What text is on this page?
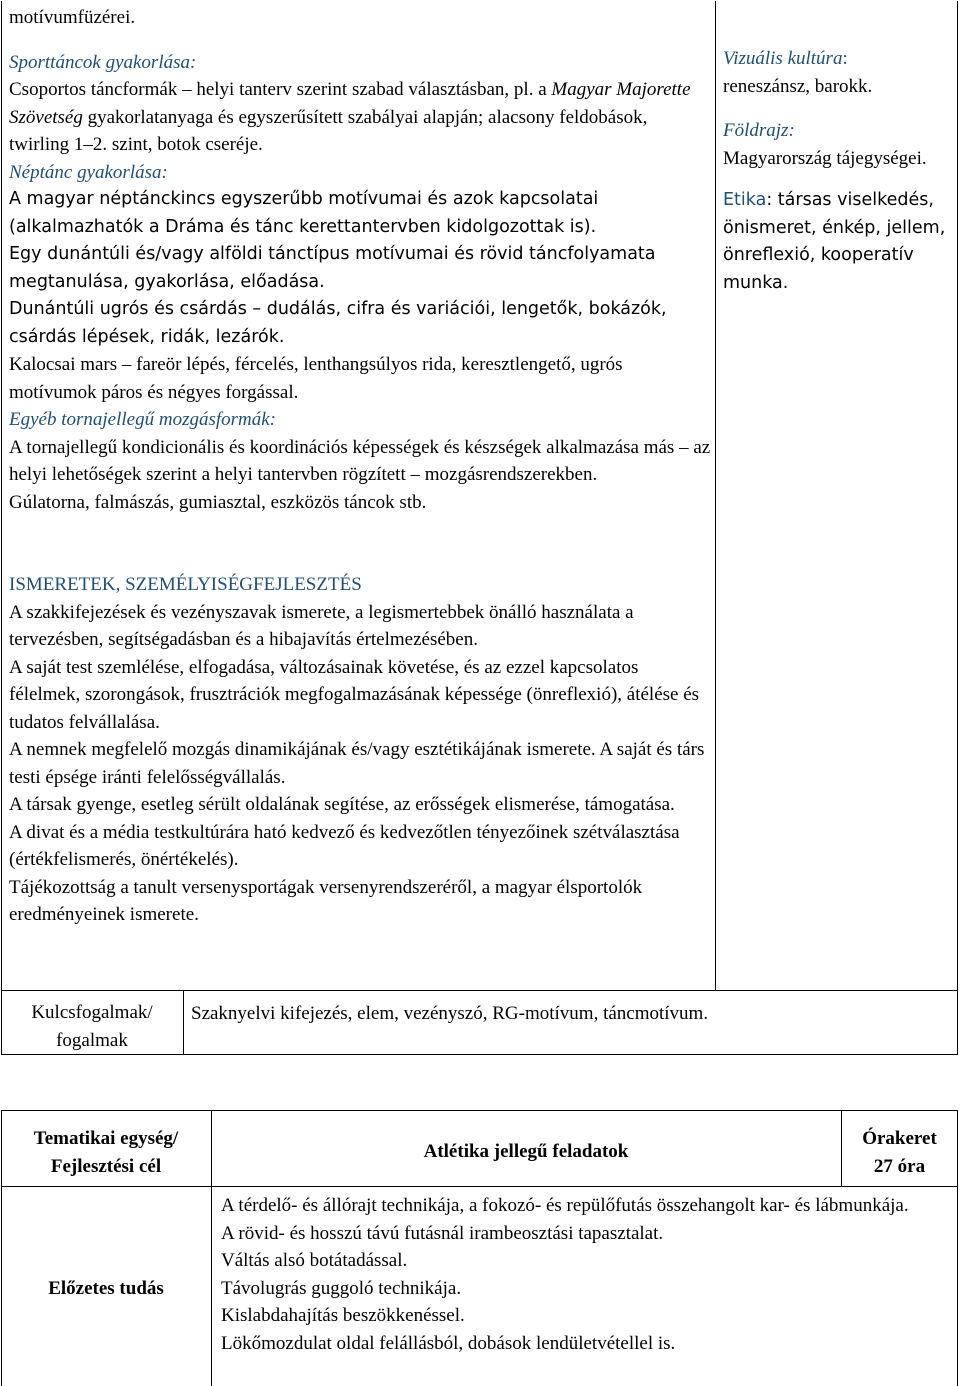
motívumfüzérei.

Sporttáncok gyakorlása:

Csoportos táncformák – helyi tanterv szerint szabad választásban, pl. a Magyar Majorette Szövetség gyakorlatanyaga és egyszerűsített szabályai alapján; alacsony feldobások, twirling 1–2. szint, botok cseréje.

Néptánc gyakorlása:

A magyar néptánckincs egyszerűbb motívumai és azok kapcsolatai (alkalmazhatók a Dráma és tánc kerettantervben kidolgozottak is).

Egy dunántúli és/vagy alföldi tánctípus motívumai és rövid táncfolyamata megtanulása, gyakorlása, előadása.

Dunántúli ugrós és csárdás – dudálás, cifra és variációi, lengetők, bokázók, csárdás lépések, ridák, lezárók.

Kalocsai mars – fareör lépés, fércelés, lenthangsúlyos rida, keresztlengető, ugrós motívumok páros és négyes forgással.

Egyéb tornajellegű mozgásformák:

A tornajellegű kondicionális és koordinációs képességek és készségek alkalmazása más – az helyi lehetőségek szerint a helyi tantervben rögzített – mozgásrendszerekben.

Gúlatorna, falmászás, gumiasztal, eszközös táncok stb.

Vizuális kultúra:
reneszánsz, barokk.

Földrajz:
Magyarország tájegységei.

Etika: társas viselkedés, önismeret, énkép, jellem, önreflexió, kooperatív munka.

ISMERETEK, SZEMÉLYISÉGFEJLESZTÉS

A szakkifejezések és vezényszavak ismerete, a legismertebbek önálló használata a tervezésben, segítségadásban és a hibajavítás értelmezésében.

A saját test szemlélése, elfogadása, változásainak követése, és az ezzel kapcsolatos félelmek, szorongások, frusztrációk megfogalmazásának képessége (önreflexió), átélése és tudatos felvállalása.

A nemnek megfelelő mozgás dinamikájának és/vagy esztétikájának ismerete. A saját és társ testi épsége iránti felelősségvállalás.

A társak gyenge, esetleg sérült oldalának segítése, az erősségek elismerése, támogatása.

A divat és a média testkultúrára ható kedvező és kedvezőtlen tényezőinek szétválasztása (értékfelismerés, önértékelés).

Tájékozottság a tanult versenysportágak versenyrendszeréről, a magyar élsportolók eredményeinek ismerete.

Kulcsfogalmak/
fogalmak
Szaknyelvi kifejezés, elem, vezényszó, RG-motívum, táncmotívum.
Tematikai egység/
Fejlesztési cél
Atlétika jellegű feladatok
Órakeret
27 óra
Előzetes tudás

A térdelő- és állórajt technikája, a fokozó- és repülőfutás összehangolt kar- és lábmunkája.

A rövid- és hosszú távú futásnál irambeosztási tapasztalat.

Váltás alsó botátadással.

Távolugrás guggoló technikája.

Kislabdahajítás beszökkenéssel.

Lökőmozdulat oldal felállásból, dobások lendületvétellel is.
